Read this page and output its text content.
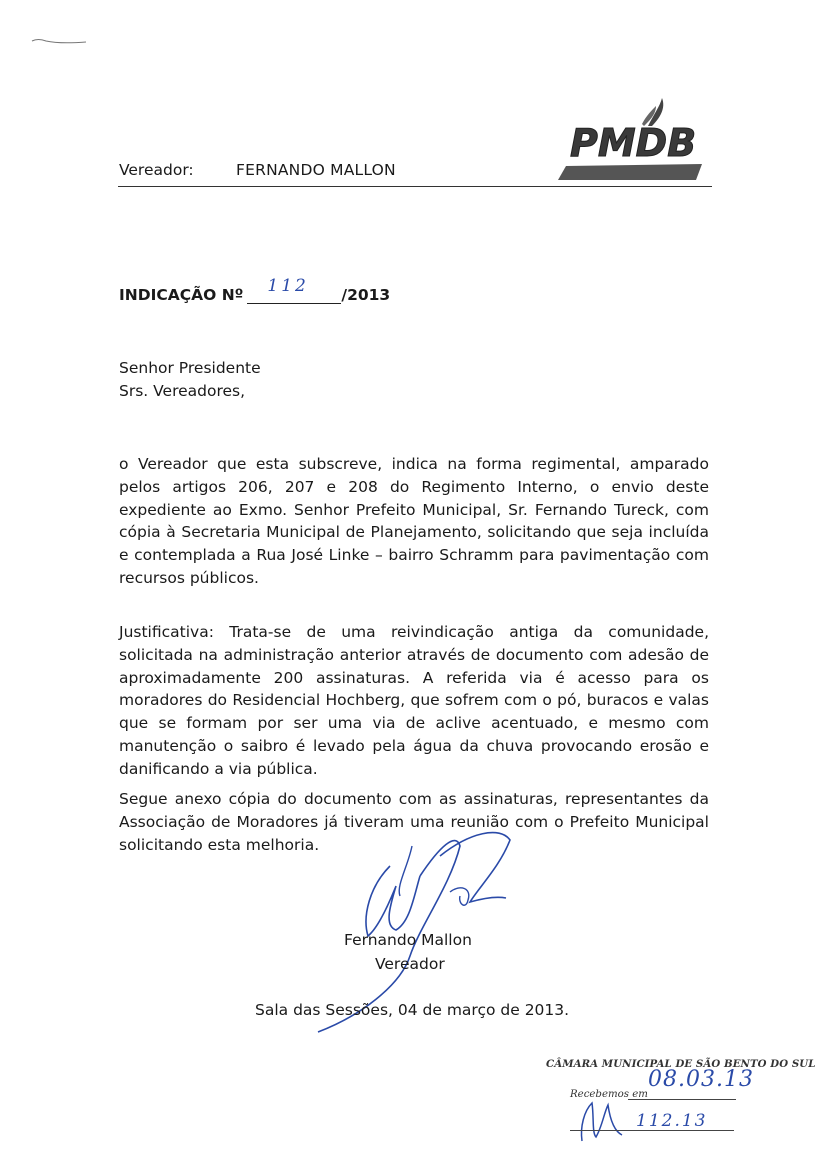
Vereador:	FERNANDO MALLON
PMDB
INDICAÇÃO Nº 112 /2013
Senhor Presidente
Srs. Vereadores,

o Vereador que esta subscreve, indica na forma regimental, amparado pelos artigos 206, 207 e 208 do Regimento Interno, o envio deste expediente ao Exmo. Senhor Prefeito Municipal, Sr. Fernando Tureck, com cópia à Secretaria Municipal de Planejamento, solicitando que seja incluída e contemplada a Rua José Linke – bairro Schramm para pavimentação com recursos públicos.

Justificativa: Trata-se de uma reivindicação antiga da comunidade, solicitada na administração anterior através de documento com adesão de aproximadamente 200 assinaturas. A referida via é acesso para os moradores do Residencial Hochberg, que sofrem com o pó, buracos e valas que se formam por ser uma via de aclive acentuado, e mesmo com manutenção o saibro é levado pela água da chuva provocando erosão e danificando a via pública.

Segue anexo cópia do documento com as assinaturas, representantes da Associação de Moradores já tiveram uma reunião com o Prefeito Municipal solicitando esta melhoria.

Fernando Mallon
Vereador
Sala das Sessões, 04 de março de 2013.
CÂMARA MUNICIPAL DE SÃO BENTO DO SUL
08.03.13
Recebemos em
112.13
